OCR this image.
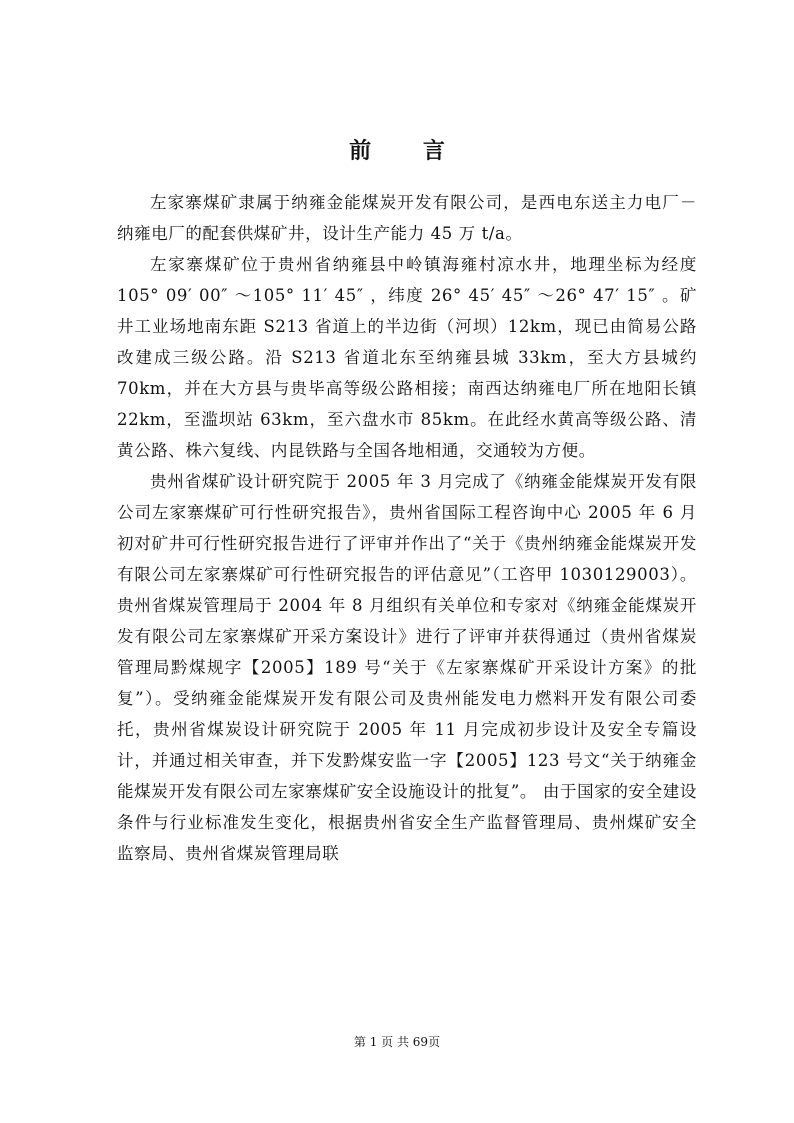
前 言

左家寨煤矿隶属于纳雍金能煤炭开发有限公司，是西电东送主力电厂－纳雍电厂的配套供煤矿井，设计生产能力 45 万 t/a。

左家寨煤矿位于贵州省纳雍县中岭镇海雍村凉水井，地理坐标为经度 105° 09′ 00″ ～105° 11′ 45″ ，纬度 26° 45′ 45″ ～26° 47′ 15″ 。矿井工业场地南东距 S213 省道上的半边街（河坝）12km，现已由简易公路改建成三级公路。沿 S213 省道北东至纳雍县城 33km，至大方县城约 70km，并在大方县与贵毕高等级公路相接；南西达纳雍电厂所在地阳长镇 22km，至滥坝站 63km，至六盘水市 85km。在此经水黄高等级公路、清黄公路、株六复线、内昆铁路与全国各地相通，交通较为方便。

贵州省煤矿设计研究院于 2005 年 3 月完成了《纳雍金能煤炭开发有限公司左家寨煤矿可行性研究报告》，贵州省国际工程咨询中心 2005 年 6 月初对矿井可行性研究报告进行了评审并作出了“关于《贵州纳雍金能煤炭开发有限公司左家寨煤矿可行性研究报告的评估意见”（工咨甲 1030129003）。贵州省煤炭管理局于 2004 年 8 月组织有关单位和专家对《纳雍金能煤炭开发有限公司左家寨煤矿开采方案设计》进行了评审并获得通过（贵州省煤炭管理局黔煤规字【2005】189 号“关于《左家寨煤矿开采设计方案》的批复”）。受纳雍金能煤炭开发有限公司及贵州能发电力燃料开发有限公司委托，贵州省煤炭设计研究院于 2005 年 11 月完成初步设计及安全专篇设计，并通过相关审查，并下发黔煤安监一字【2005】123 号文“关于纳雍金能煤炭开发有限公司左家寨煤矿安全设施设计的批复”。 由于国家的安全建设条件与行业标准发生变化，根据贵州省安全生产监督管理局、贵州煤矿安全监察局、贵州省煤炭管理局联

第 1 页 共 69页
